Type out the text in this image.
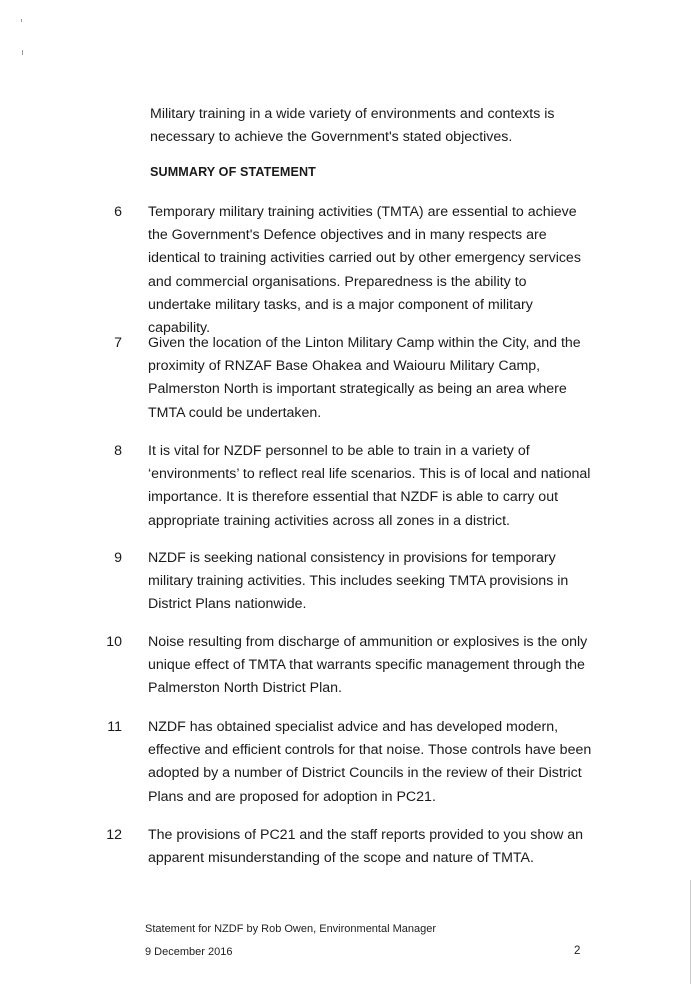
Military training in a wide variety of environments and contexts is necessary to achieve the Government's stated objectives.
SUMMARY OF STATEMENT
6 Temporary military training activities (TMTA) are essential to achieve the Government's Defence objectives and in many respects are identical to training activities carried out by other emergency services and commercial organisations. Preparedness is the ability to undertake military tasks, and is a major component of military capability.
7 Given the location of the Linton Military Camp within the City, and the proximity of RNZAF Base Ohakea and Waiouru Military Camp, Palmerston North is important strategically as being an area where TMTA could be undertaken.
8 It is vital for NZDF personnel to be able to train in a variety of ‘environments’ to reflect real life scenarios. This is of local and national importance. It is therefore essential that NZDF is able to carry out appropriate training activities across all zones in a district.
9 NZDF is seeking national consistency in provisions for temporary military training activities. This includes seeking TMTA provisions in District Plans nationwide.
10 Noise resulting from discharge of ammunition or explosives is the only unique effect of TMTA that warrants specific management through the Palmerston North District Plan.
11 NZDF has obtained specialist advice and has developed modern, effective and efficient controls for that noise. Those controls have been adopted by a number of District Councils in the review of their District Plans and are proposed for adoption in PC21.
12 The provisions of PC21 and the staff reports provided to you show an apparent misunderstanding of the scope and nature of TMTA.
Statement for NZDF by Rob Owen, Environmental Manager
9 December 2016	2
